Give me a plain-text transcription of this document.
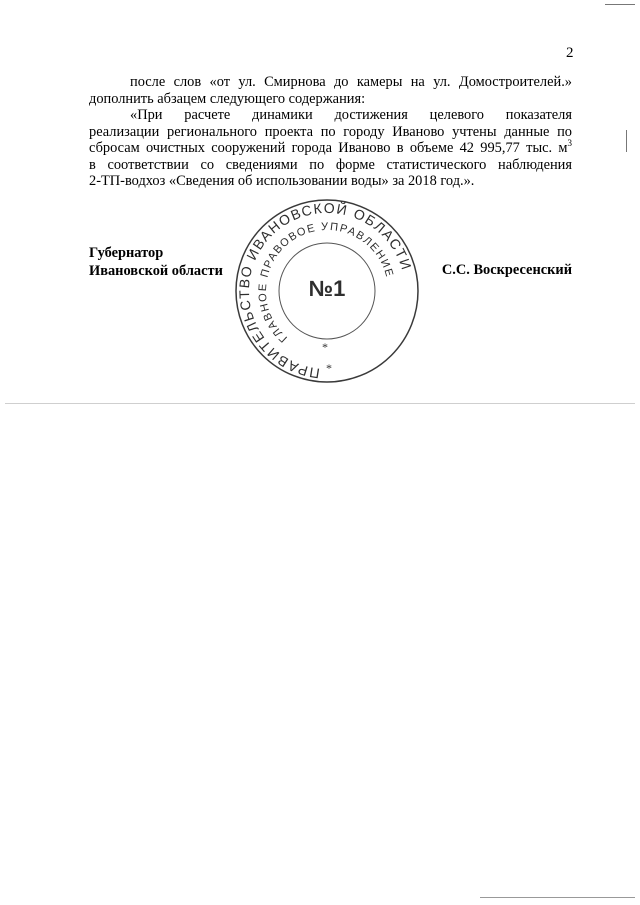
2

после слов «от ул. Смирнова до камеры на ул. Домостроителей.»

дополнить абзацем следующего содержания:

«При расчете динамики достижения целевого показателя

реализации регионального проекта по городу Иваново учтены данные по

сбросам очистных сооружений города Иваново в объеме 42 995,77 тыс. $м^3$

в соответствии со сведениями по форме статистического наблюдения

2-ТП-водхоз «Сведения об использовании воды» за 2018 год.».

Губернатор
Ивановской области	С.С. Воскресенский
ПРАВИТЕЛЬСТВО ИВАНОВСКОЙ ОБЛАСТИ
ГЛАВНОЕ ПРАВОВОЕ УПРАВЛЕНИЕ
№1
*
*
